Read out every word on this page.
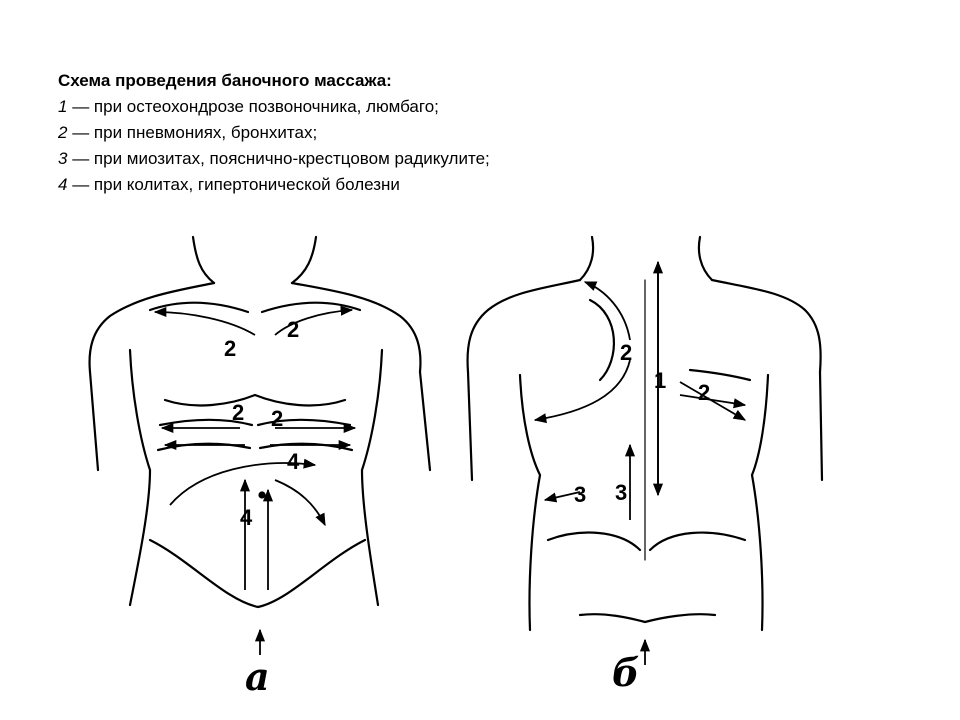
Схема проведения баночного массажа:
1 — при остеохондрозе позвоночника, люмбаго;
2 — при пневмониях, бронхитах;
3 — при миозитах, пояснично-крестцовом радикулите;
4 — при колитах, гипертонической болезни
2
2
2 2
4
4
а
2
1 2
3 3
б
